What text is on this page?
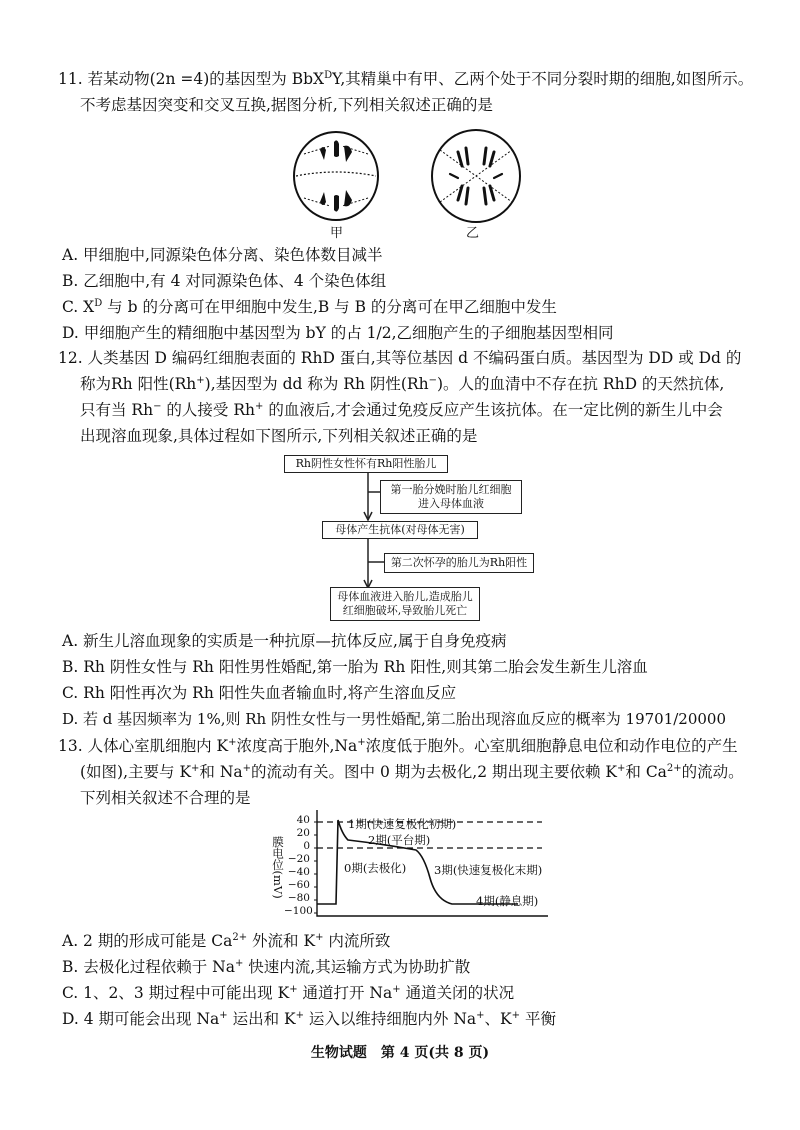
11. 若某动物(2n =4)的基因型为 BbX$^D$Y,其精巢中有甲、乙两个处于不同分裂时期的细胞,如图所示。

不考虑基因突变和交叉互换,据图分析,下列相关叙述正确的是

甲	乙
A. 甲细胞中,同源染色体分离、染色体数目减半
B. 乙细胞中,有 4 对同源染色体、4 个染色体组
C. $X^D$ 与 b 的分离可在甲细胞中发生,B 与 B 的分离可在甲乙细胞中发生
D. 甲细胞产生的精细胞中基因型为 bY 的占 1/2,乙细胞产生的子细胞基因型相同

12. 人类基因 D 编码红细胞表面的 RhD 蛋白,其等位基因 d 不编码蛋白质。基因型为 DD 或 Dd 的

称为Rh 阳性(Rh+),基因型为 dd 称为 Rh 阴性(Rh−)。人的血清中不存在抗 RhD 的天然抗体,

只有当 Rh− 的人接受 Rh+ 的血液后,才会通过免疫反应产生该抗体。在一定比例的新生儿中会

出现溶血现象,具体过程如下图所示,下列相关叙述正确的是

Rh阴性女性怀有Rh阳性胎儿
第一胎分娩时胎儿红细胞
进入母体血液
母体产生抗体(对母体无害)
第二次怀孕的胎儿为Rh阳性
母体血液进入胎儿,造成胎儿
红细胞破坏,导致胎儿死亡
A. 新生儿溶血现象的实质是一种抗原—抗体反应,属于自身免疫病
B. Rh 阴性女性与 Rh 阳性男性婚配,第一胎为 Rh 阳性,则其第二胎会发生新生儿溶血
C. Rh 阳性再次为 Rh 阳性失血者输血时,将产生溶血反应
D. 若 d 基因频率为 1%,则 Rh 阴性女性与一男性婚配,第二胎出现溶血反应的概率为 19701/20000

13. 人体心室肌细胞内 K+浓度高于胞外,Na+浓度低于胞外。心室肌细胞静息电位和动作电位的产生

(如图),主要与 K+和 Na+的流动有关。图中 0 期为去极化,2 期出现主要依赖 K+和 $Ca^{2+}$的流动。

下列相关叙述不合理的是

膜电位(mV)
40
20
0
−20
−40
−60
−80
−100
1期(快速复极化初期)
2期(平台期)
0期(去极化) 3期(快速复极化末期)
4期(静息期)
A. 2 期的形成可能是 $Ca^{2+}$ 外流和 K+ 内流所致
B. 去极化过程依赖于 Na+ 快速内流,其运输方式为协助扩散
C. 1、2、3 期过程中可能出现 K+ 通道打开 Na+ 通道关闭的状况
D. 4 期可能会出现 Na+ 运出和 K+ 运入以维持细胞内外 Na+、K+ 平衡
生物试题　第 4 页(共 8 页)
